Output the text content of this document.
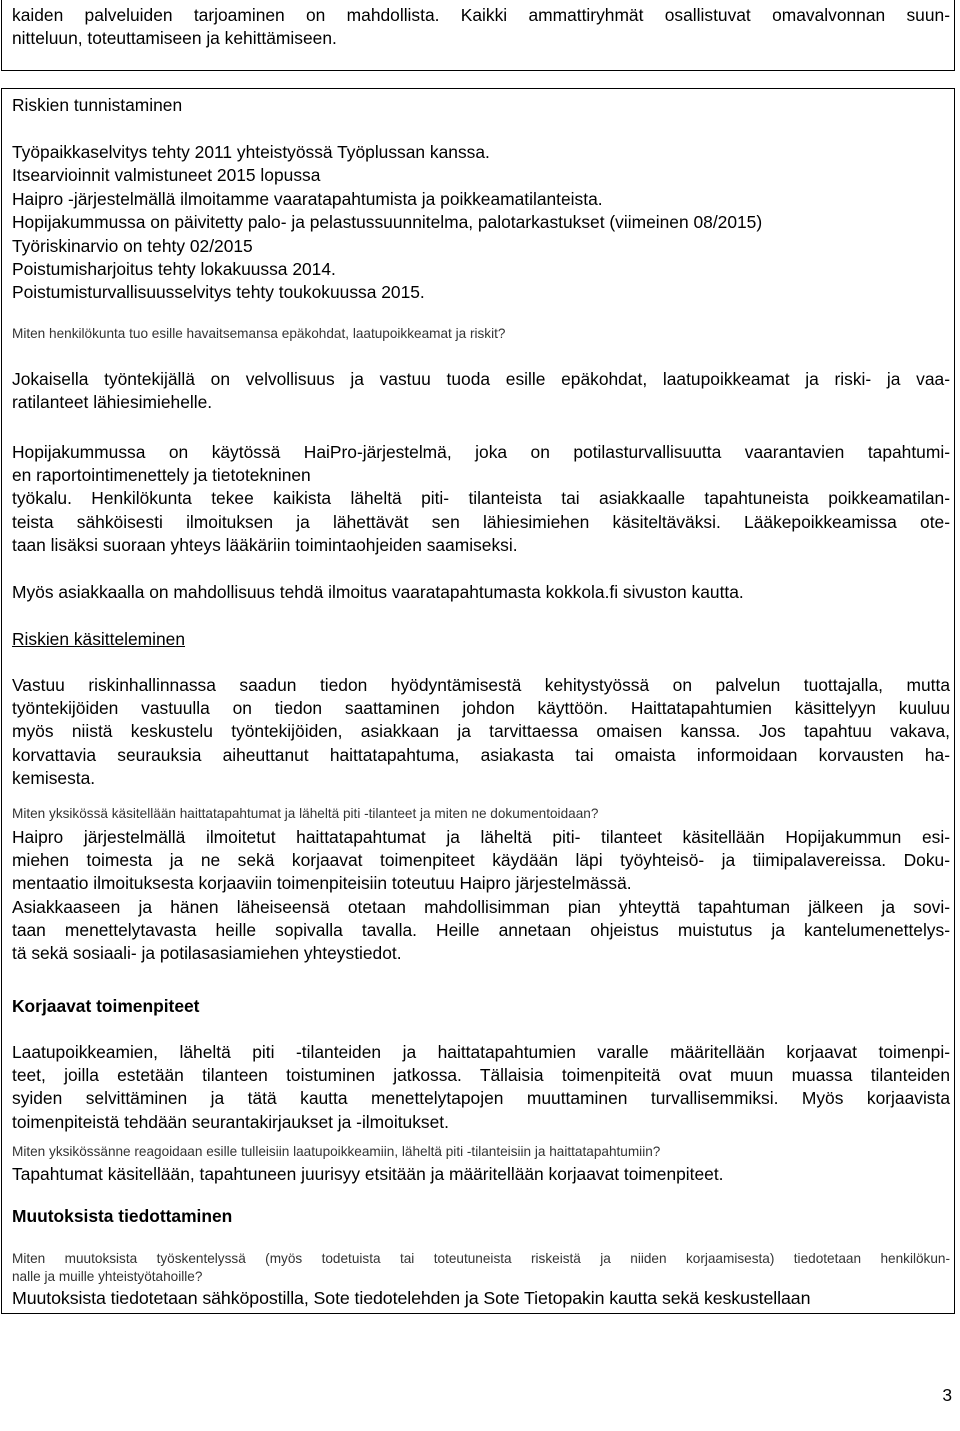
kaiden palveluiden tarjoaminen on mahdollista. Kaikki ammattiryhmät osallistuvat omavalvonnan suun-
nitteluun, toteuttamiseen ja kehittämiseen.

Riskien tunnistaminen

Työpaikkaselvitys tehty 2011 yhteistyössä Työplussan kanssa.
Itsearvioinnit valmistuneet 2015 lopussa
Haipro -järjestelmällä ilmoitamme vaaratapahtumista ja poikkeamatilanteista.
Hopijakummussa on päivitetty palo- ja pelastussuunnitelma, palotarkastukset (viimeinen 08/2015)
Työriskinarvio on tehty 02/2015
Poistumisharjoitus tehty lokakuussa 2014.
Poistumisturvallisuusselvitys tehty toukokuussa 2015.

Miten henkilökunta tuo esille havaitsemansa epäkohdat, laatupoikkeamat ja riskit?

Jokaisella työntekijällä on velvollisuus ja vastuu tuoda esille epäkohdat, laatupoikkeamat ja riski- ja vaa-
ratilanteet lähiesimiehelle.

Hopijakummussa on käytössä HaiPro-järjestelmä, joka on potilasturvallisuutta vaarantavien tapahtumi-
en raportointimenettely ja tietotekninen
työkalu. Henkilökunta tekee kaikista läheltä piti- tilanteista tai asiakkaalle tapahtuneista poikkeamatilan-
teista sähköisesti ilmoituksen ja lähettävät sen lähiesimiehen käsiteltäväksi. Lääkepoikkeamissa ote-
taan lisäksi suoraan yhteys lääkäriin toimintaohjeiden saamiseksi.

Myös asiakkaalla on mahdollisuus tehdä ilmoitus vaaratapahtumasta kokkola.fi sivuston kautta.

Riskien käsitteleminen

Vastuu riskinhallinnassa saadun tiedon hyödyntämisestä kehitystyössä on palvelun tuottajalla, mutta
työntekijöiden vastuulla on tiedon saattaminen johdon käyttöön. Haittatapahtumien käsittelyyn kuuluu
myös niistä keskustelu työntekijöiden, asiakkaan ja tarvittaessa omaisen kanssa. Jos tapahtuu vakava,
korvattavia seurauksia aiheuttanut haittatapahtuma, asiakasta tai omaista informoidaan korvausten ha-
kemisesta.

Miten yksikössä käsitellään haittatapahtumat ja läheltä piti -tilanteet ja miten ne dokumentoidaan?

Haipro järjestelmällä ilmoitetut haittatapahtumat ja läheltä piti- tilanteet käsitellään Hopijakummun esi-
miehen toimesta ja ne sekä korjaavat toimenpiteet käydään läpi työyhteisö- ja tiimipalavereissa. Doku-
mentaatio ilmoituksesta korjaaviin toimenpiteisiin toteutuu Haipro järjestelmässä.
Asiakkaaseen ja hänen läheiseensä otetaan mahdollisimman pian yhteyttä tapahtuman jälkeen ja sovi-
taan menettelytavasta heille sopivalla tavalla. Heille annetaan ohjeistus muistutus ja kantelumenettelys-
tä sekä sosiaali- ja potilasasiamiehen yhteystiedot.

Korjaavat toimenpiteet

Laatupoikkeamien, läheltä piti -tilanteiden ja haittatapahtumien varalle määritellään korjaavat toimenpi-
teet, joilla estetään tilanteen toistuminen jatkossa. Tällaisia toimenpiteitä ovat muun muassa tilanteiden
syiden selvittäminen ja tätä kautta menettelytapojen muuttaminen turvallisemmiksi. Myös korjaavista
toimenpiteistä tehdään seurantakirjaukset ja -ilmoitukset.

Miten yksikössänne reagoidaan esille tulleisiin laatupoikkeamiin, läheltä piti -tilanteisiin ja haittatapahtumiin?

Tapahtumat käsitellään, tapahtuneen juurisyy etsitään ja määritellään korjaavat toimenpiteet.

Muutoksista tiedottaminen

Miten muutoksista työskentelyssä (myös todetuista tai toteutuneista riskeistä ja niiden korjaamisesta) tiedotetaan henkilökun-
nalle ja muille yhteistyötahoille?

Muutoksista tiedotetaan sähköpostilla, Sote tiedotelehden ja Sote Tietopakin kautta sekä keskustellaan

3
